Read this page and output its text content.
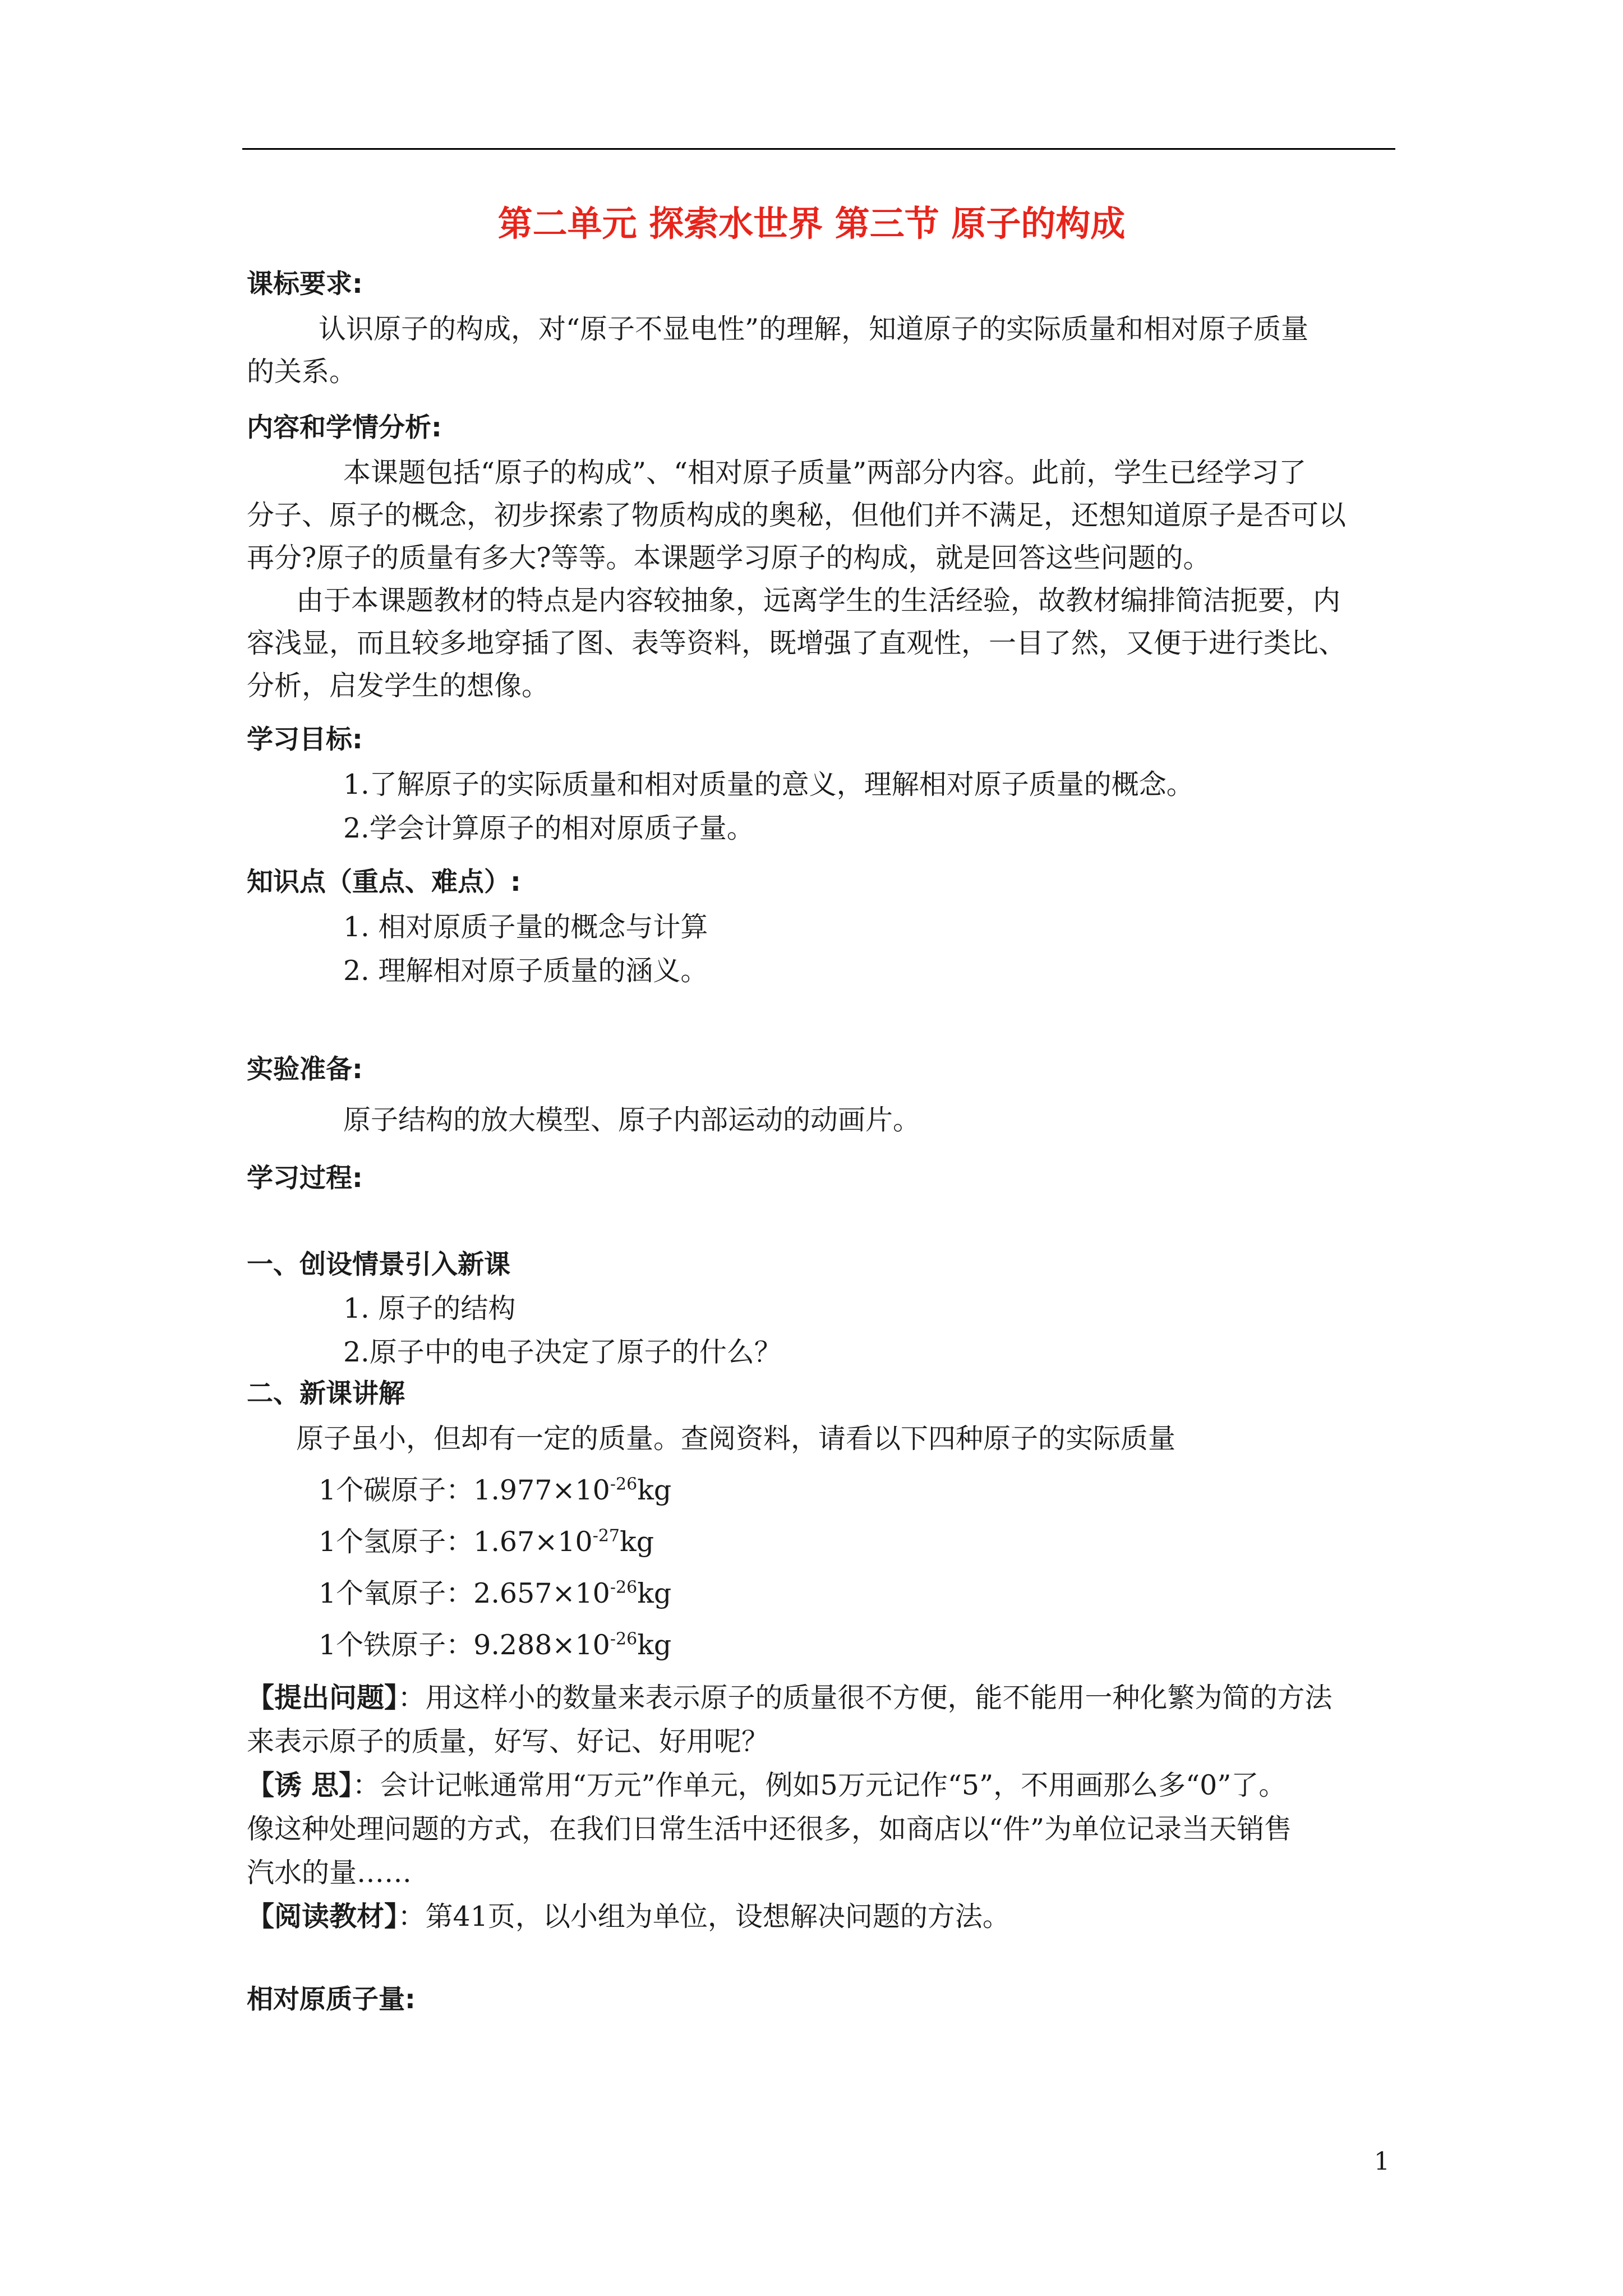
第二单元 探索水世界 第三节 原子的构成
课标要求:
认识原子的构成，对“原子不显电性”的理解，知道原子的实际质量和相对原子质量
的关系。
内容和学情分析:
本课题包括“原子的构成”、“相对原子质量”两部分内容。此前，学生已经学习了
分子、原子的概念，初步探索了物质构成的奥秘，但他们并不满足，还想知道原子是否可以
再分?原子的质量有多大?等等。本课题学习原子的构成，就是回答这些问题的。
由于本课题教材的特点是内容较抽象，远离学生的生活经验，故教材编排简洁扼要，内
容浅显，而且较多地穿插了图、表等资料，既增强了直观性，一目了然，又便于进行类比、
分析，启发学生的想像。
学习目标:
1.了解原子的实际质量和相对质量的意义，理解相对原子质量的概念。
2.学会计算原子的相对原质子量。
知识点（重点、难点）:
1. 相对原质子量的概念与计算
2. 理解相对原子质量的涵义。
实验准备:
原子结构的放大模型、原子内部运动的动画片。
学习过程:
一、创设情景引入新课
1. 原子的结构
2.原子中的电子决定了原子的什么？
二、新课讲解
原子虽小，但却有一定的质量。查阅资料，请看以下四种原子的实际质量
1个碳原子：$1.977\times 10^{-26}kg$
1个氢原子：$1.67\times 10^{-27}kg$
1个氧原子：$2.657\times 10^{-26}kg$
1个铁原子：$9.288\times 10^{-26}kg$
【提出问题】：用这样小的数量来表示原子的质量很不方便，能不能用一种化繁为简的方法
来表示原子的质量，好写、好记、好用呢？
【诱 思】：会计记帐通常用“万元”作单元，例如5万元记作“5”，不用画那么多“0”了。
像这种处理问题的方式，在我们日常生活中还很多，如商店以“件”为单位记录当天销售
汽水的量……
【阅读教材】：第41页，以小组为单位，设想解决问题的方法。
相对原质子量:
1
